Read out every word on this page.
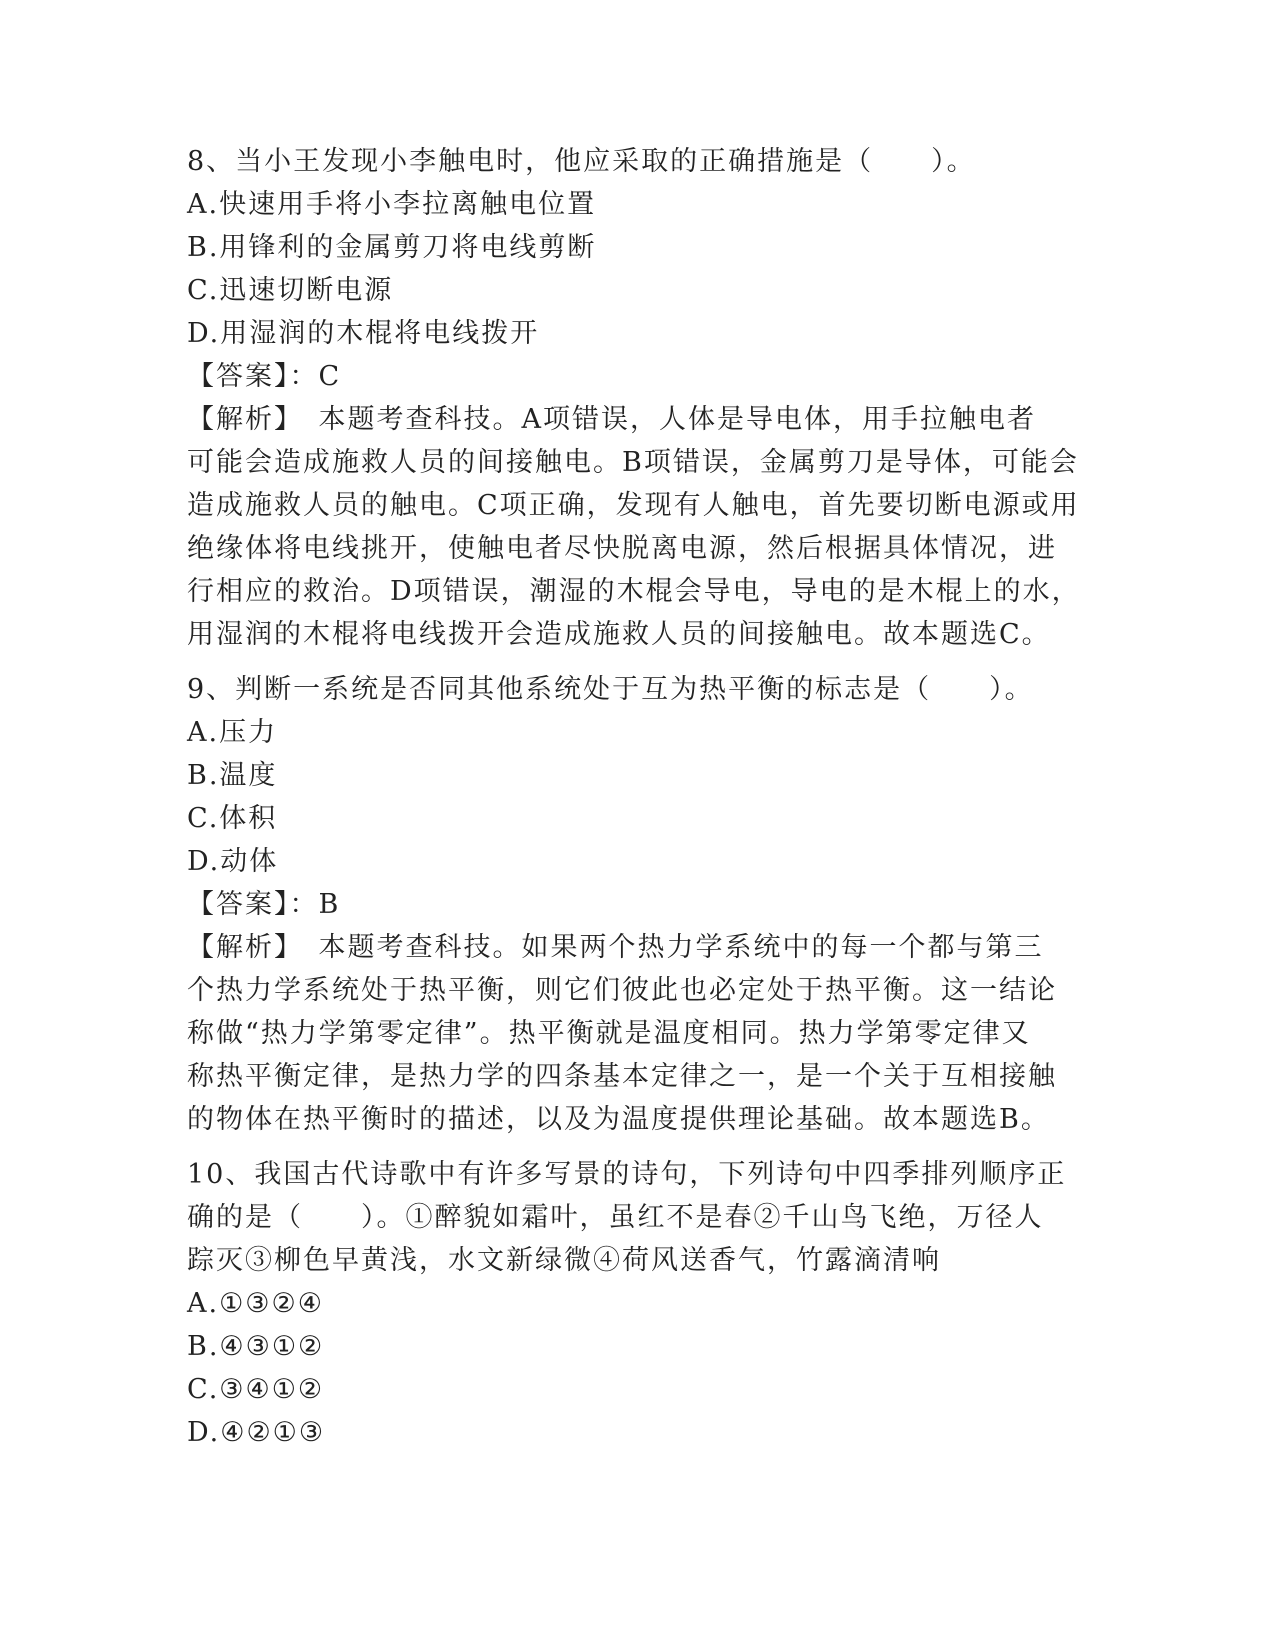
8、当小王发现小李触电时，他应采取的正确措施是（　　）。
A.快速用手将小李拉离触电位置
B.用锋利的金属剪刀将电线剪断
C.迅速切断电源
D.用湿润的木棍将电线拨开
【答案】：C
【解析】　本题考查科技。A项错误，人体是导电体，用手拉触电者
可能会造成施救人员的间接触电。B项错误，金属剪刀是导体，可能会
造成施救人员的触电。C项正确，发现有人触电，首先要切断电源或用
绝缘体将电线挑开，使触电者尽快脱离电源，然后根据具体情况，进
行相应的救治。D项错误，潮湿的木棍会导电，导电的是木棍上的水，
用湿润的木棍将电线拨开会造成施救人员的间接触电。故本题选C。
9、判断一系统是否同其他系统处于互为热平衡的标志是（　　）。
A.压力
B.温度
C.体积
D.动体
【答案】：B
【解析】　本题考查科技。如果两个热力学系统中的每一个都与第三
个热力学系统处于热平衡，则它们彼此也必定处于热平衡。这一结论
称做“热力学第零定律”。热平衡就是温度相同。热力学第零定律又
称热平衡定律，是热力学的四条基本定律之一，是一个关于互相接触
的物体在热平衡时的描述，以及为温度提供理论基础。故本题选B。
10、我国古代诗歌中有许多写景的诗句，下列诗句中四季排列顺序正
确的是（　　）。①醉貌如霜叶，虽红不是春②千山鸟飞绝，万径人
踪灭③柳色早黄浅，水文新绿微④荷风送香气，竹露滴清响
A.①③②④
B.④③①②
C.③④①②
D.④②①③
